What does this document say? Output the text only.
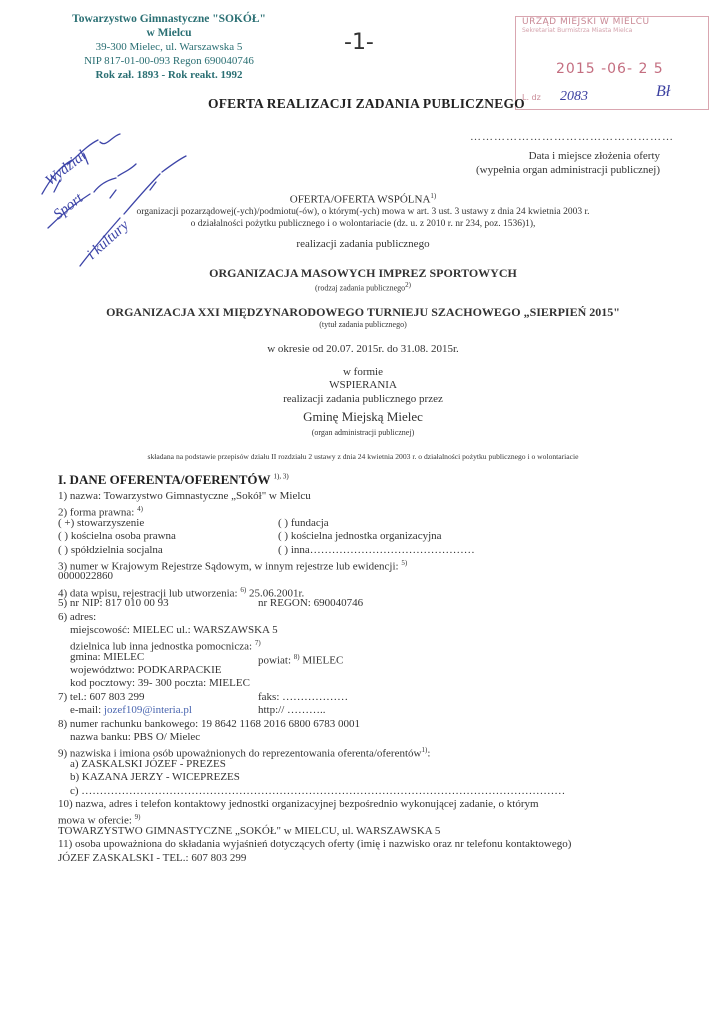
Towarzystwo Gimnastyczne "SOKÓŁ"
w Mielcu
39-300 Mielec, ul. Warszawska 5
NIP 817-01-00-093 Regon 690040746
Rok zał. 1893 - Rok reakt. 1992
-1-
URZĄD MIEJSKI W MIELCU
Sekretariat Burmistrza Miasta Mielca
2015 -06- 2 5
L. dz 2083	Bł
OFERTA REALIZACJI ZADANIA PUBLICZNEGO
……………………………………………
Data i miejsce złożenia oferty
(wypełnia organ administracji publicznej)
Wydział
Sport
i kultury
OFERTA/OFERTA WSPÓLNA$^{1)}$
organizacji pozarządowej(-ych)/podmiotu(-ów), o którym(-ych) mowa w art. 3 ust. 3 ustawy z dnia 24 kwietnia 2003 r.
o działalności pożytku publicznego i o wolontariacie (dz. u. z 2010 r. nr 234, poz. 1536)1),
realizacji zadania publicznego
ORGANIZACJA MASOWYCH IMPREZ SPORTOWYCH
(rodzaj zadania publicznego$^{2)}$
ORGANIZACJA XXI MIĘDZYNARODOWEGO TURNIEJU SZACHOWEGO „SIERPIEŃ 2015"
(tytuł zadania publicznego)
w okresie od 20.07. 2015r. do 31.08. 2015r.
w formie
WSPIERANIA
realizacji zadania publicznego przez
Gminę Miejską Mielec
(organ administracji publicznej)
składana na podstawie przepisów działu II rozdziału 2 ustawy z dnia 24 kwietnia 2003 r. o działalności pożytku publicznego i o wolontariacie
I. DANE OFERENTA/OFERENTÓW $^{1), 3)}$
1) nazwa: Towarzystwo Gimnastyczne „Sokół" w Mielcu
2) forma prawna: $^{4)}$
( +) stowarzyszenie	( ) fundacja
( ) kościelna osoba prawna	( ) kościelna jednostka organizacyjna
( ) spółdzielnia socjalna	( ) inna………………………………………
3) numer w Krajowym Rejestrze Sądowym, w innym rejestrze lub ewidencji: $^{5)}$
0000022860
4) data wpisu, rejestracji lub utworzenia: $^{6)}$ 25.06.2001r.
5) nr NIP: 817 010 00 93	nr REGON: 690040746
6) adres:
miejscowość: MIELEC ul.: WARSZAWSKA 5
dzielnica lub inna jednostka pomocnicza: $^{7)}$
gmina: MIELEC	powiat: $^{8)}$ MIELEC
województwo: PODKARPACKIE
kod pocztowy: 39- 300 poczta: MIELEC
7) tel.: 607 803 299	faks: ………………
e-mail: jozef109@interia.pl	http:// ………..
8) numer rachunku bankowego: 19 8642 1168 2016 6800 6783 0001
nazwa banku: PBS O/ Mielec
9) nazwiska i imiona osób upoważnionych do reprezentowania oferenta/oferentów$^{1)}$:
a) ZASKALSKI JÓZEF - PREZES
b) KAZANA JERZY - WICEPREZES
c) ……………………………………………………………………………………………………………………
10) nazwa, adres i telefon kontaktowy jednostki organizacyjnej bezpośrednio wykonującej zadanie, o którym
mowa w ofercie: $^{9)}$
TOWARZYSTWO GIMNASTYCZNE „SOKÓŁ" w MIELCU, ul. WARSZAWSKA 5
11) osoba upoważniona do składania wyjaśnień dotyczących oferty (imię i nazwisko oraz nr telefonu kontaktowego)
JÓZEF ZASKALSKI - TEL.: 607 803 299
